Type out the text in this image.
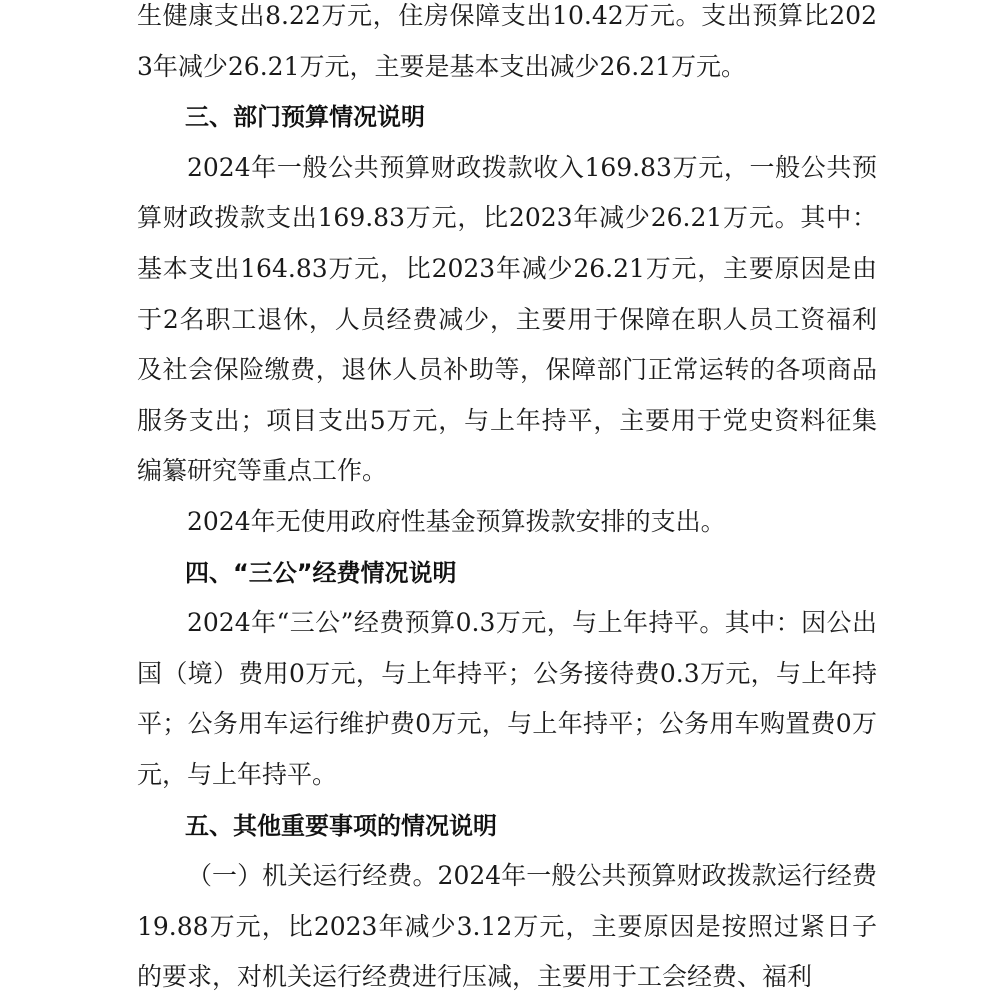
生健康支出8.22万元，住房保障支出10.42万元。支出预算比2023年减少26.21万元，主要是基本支出减少26.21万元。

三、部门预算情况说明

2024年一般公共预算财政拨款收入169.83万元，一般公共预算财政拨款支出169.83万元，比2023年减少26.21万元。其中：基本支出164.83万元，比2023年减少26.21万元，主要原因是由于2名职工退休，人员经费减少，主要用于保障在职人员工资福利及社会保险缴费，退休人员补助等，保障部门正常运转的各项商品服务支出；项目支出5万元，与上年持平，主要用于党史资料征集编纂研究等重点工作。

2024年无使用政府性基金预算拨款安排的支出。

四、“三公”经费情况说明

2024年“三公”经费预算0.3万元，与上年持平。其中：因公出国（境）费用0万元，与上年持平；公务接待费0.3万元，与上年持平；公务用车运行维护费0万元，与上年持平；公务用车购置费0万元，与上年持平。

五、其他重要事项的情况说明

（一）机关运行经费。2024年一般公共预算财政拨款运行经费19.88万元，比2023年减少3.12万元，主要原因是按照过紧日子的要求，对机关运行经费进行压减，主要用于工会经费、福利
